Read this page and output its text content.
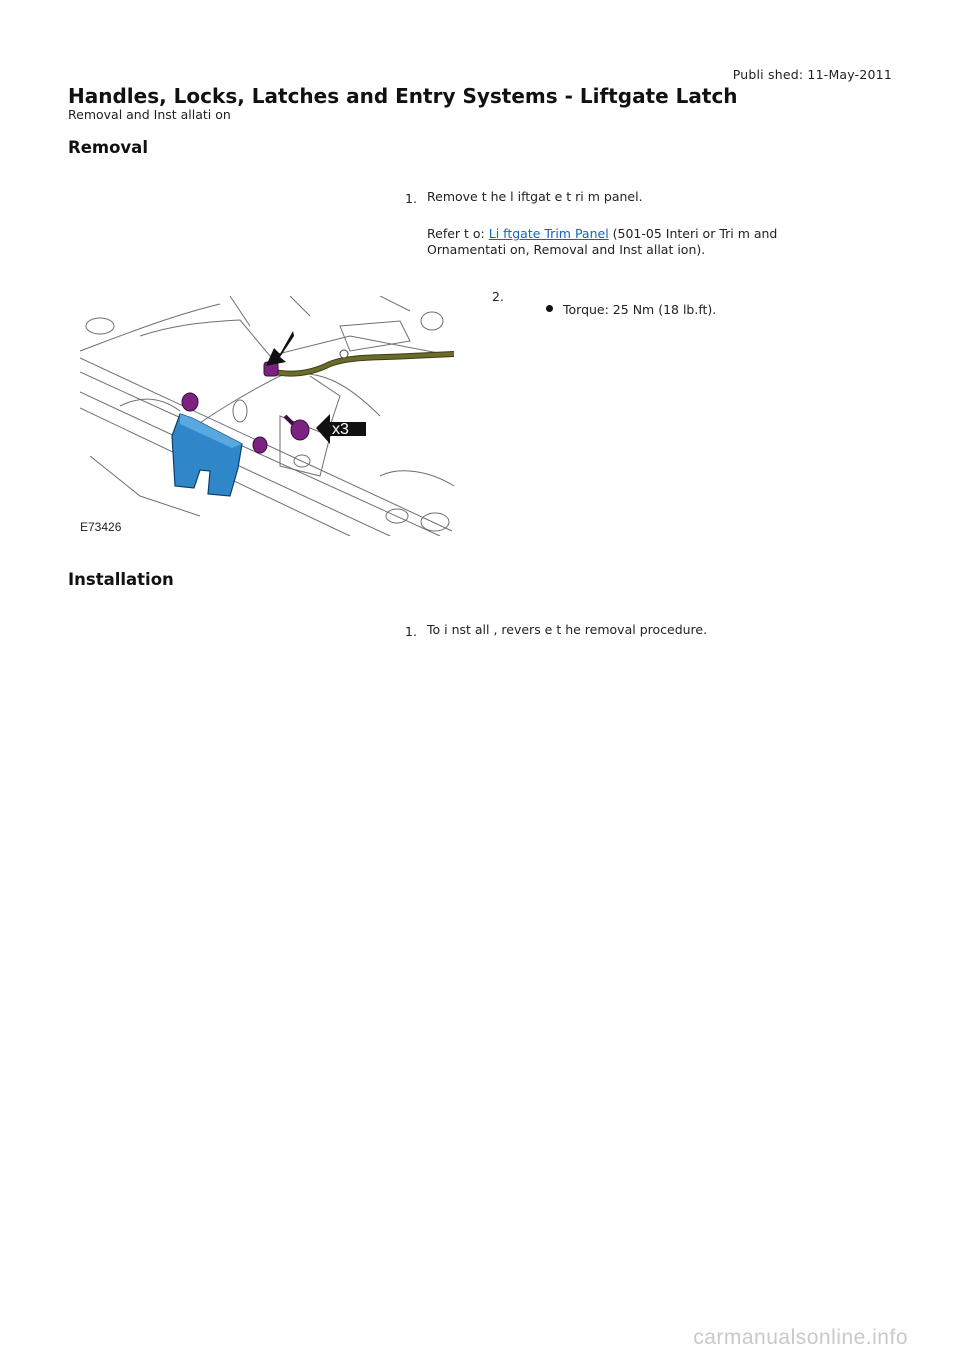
Publi shed: 11-May-2011
Handles, Locks, Latches and Entry Systems - Liftgate Latch
Removal and Inst allati on
Removal
1. Remove t he l iftgat e t ri m panel.
Refer t o: Li ftgate Trim Panel (501-05 Interi or Tri m and
Ornamentati on, Removal and Inst allat ion).
2.
Torque: 25 Nm (18 lb.ft).
x3
E73426
Installation
1. To i nst all , revers e t he removal procedure.
carmanualsonline.info
